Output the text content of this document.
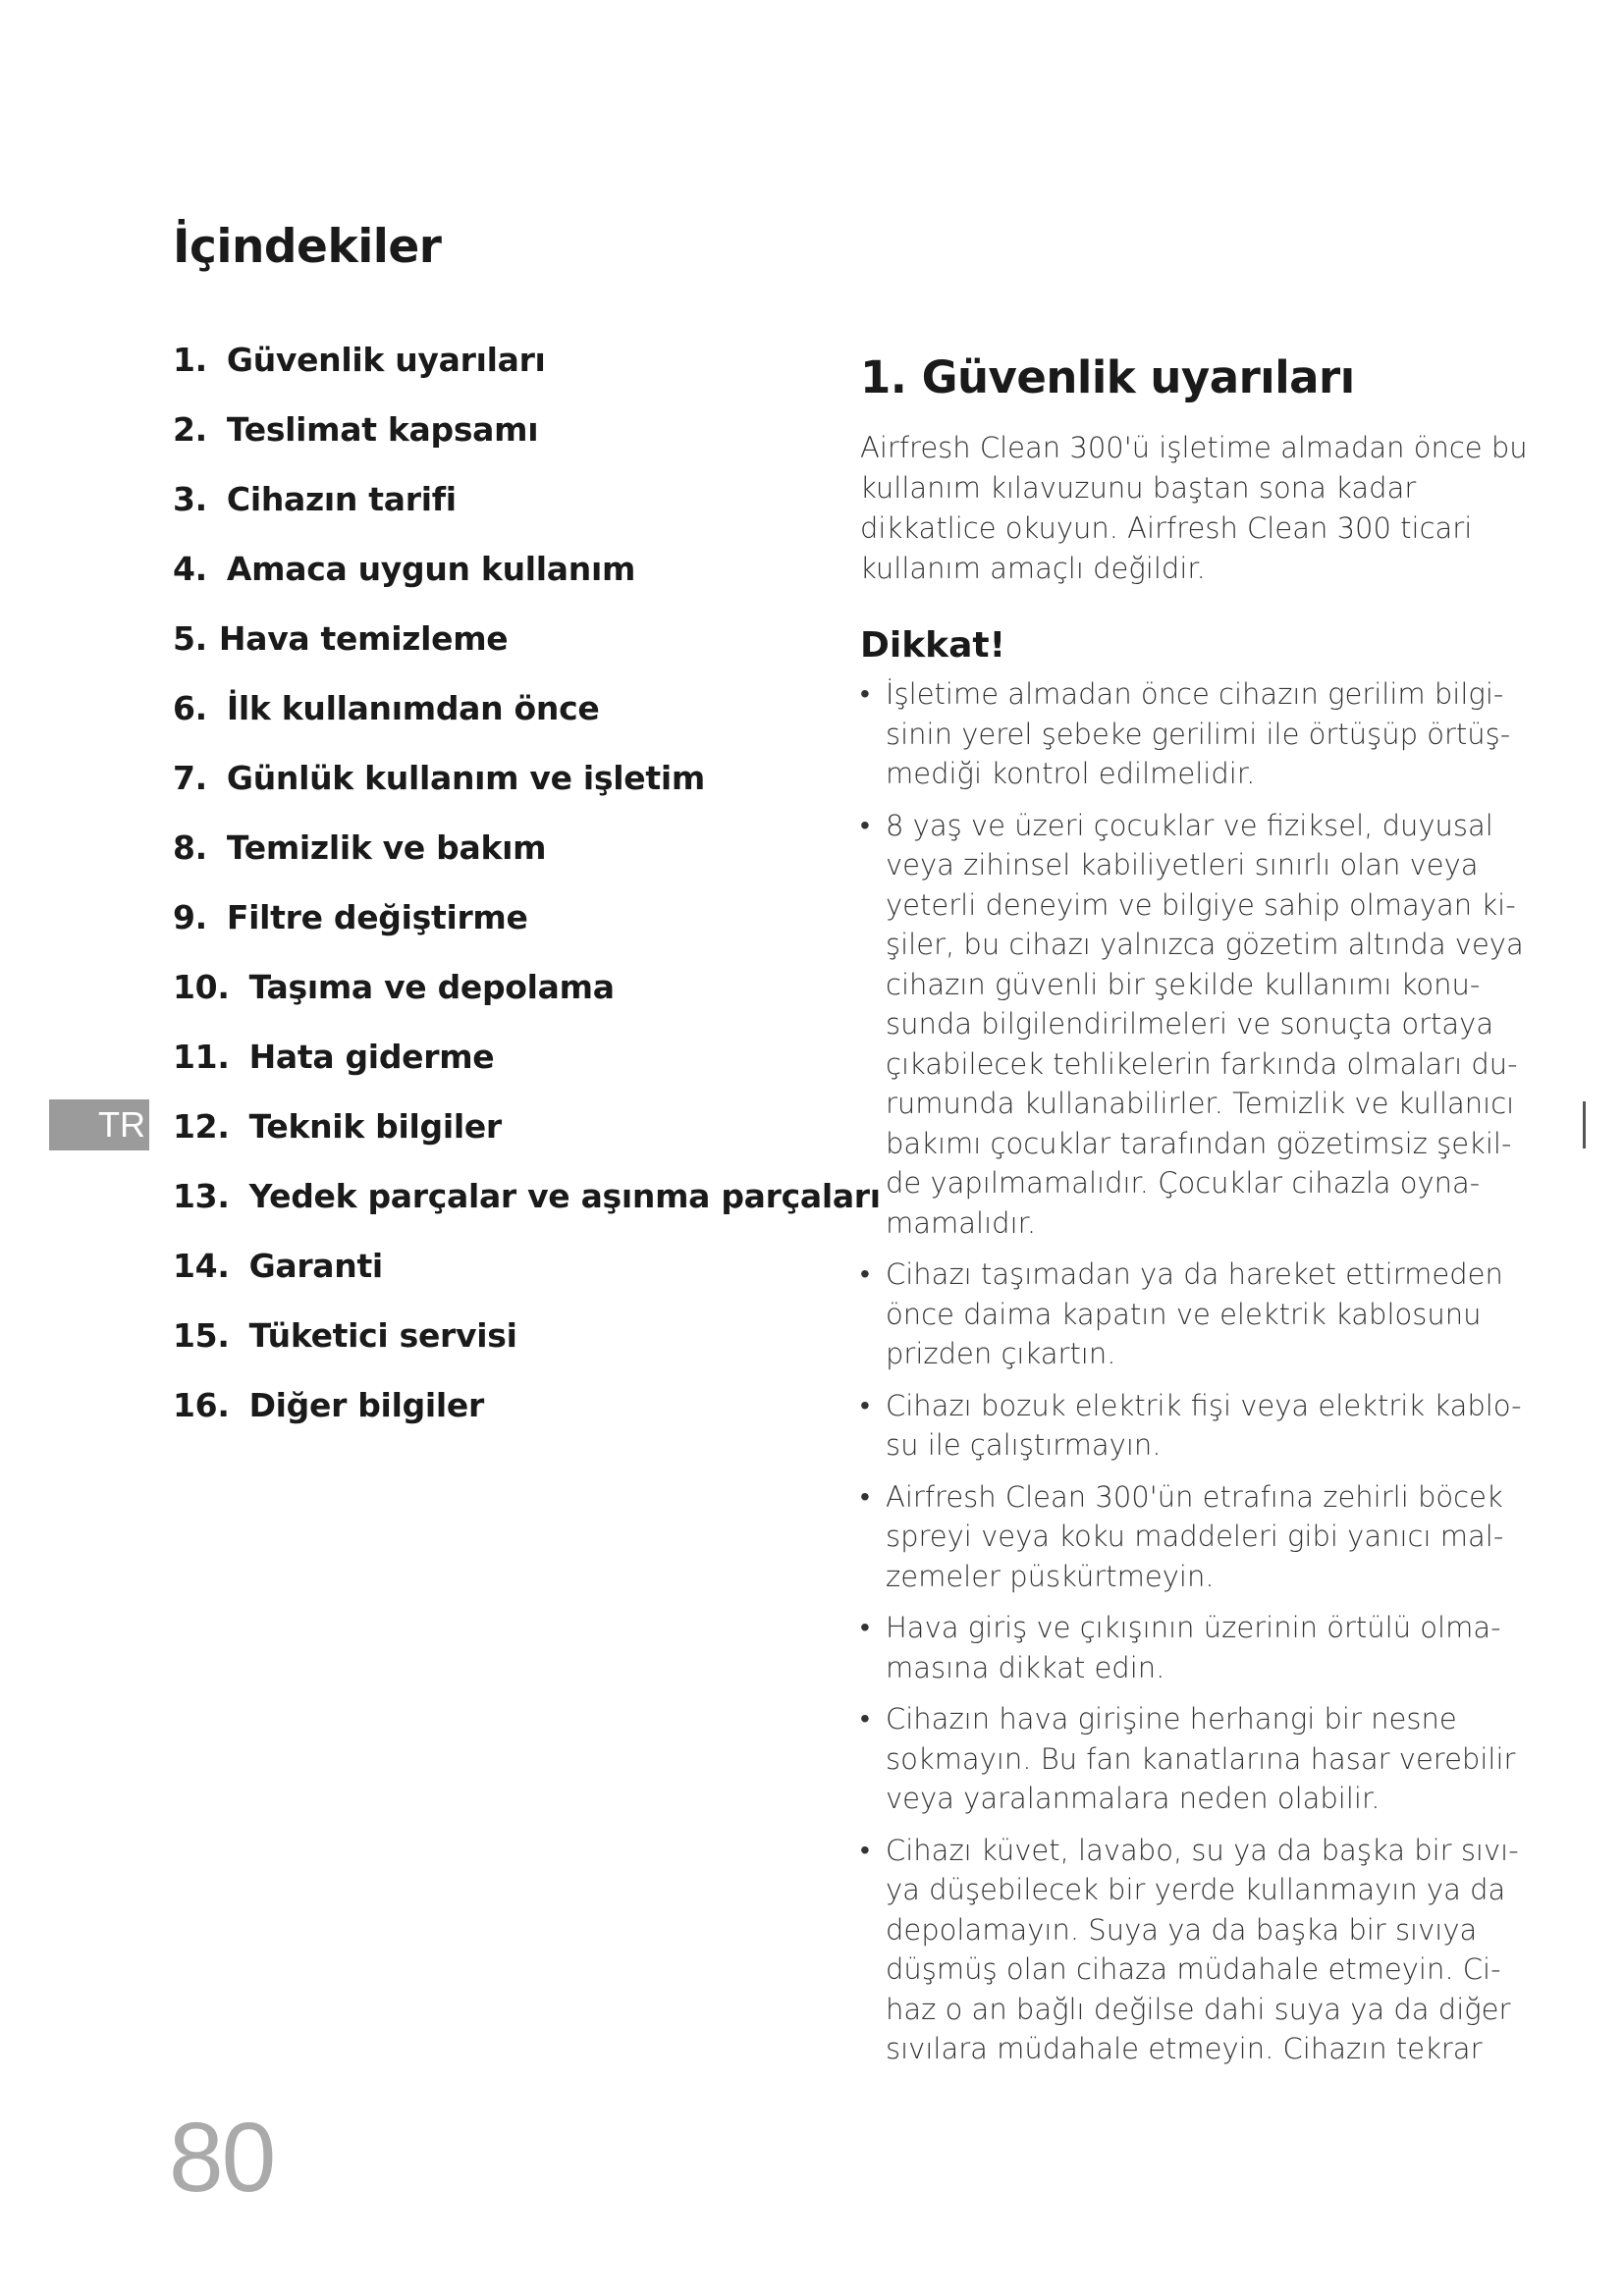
İçindekiler
1. Güvenlik uyarıları
2. Teslimat kapsamı
3. Cihazın tarifi
4. Amaca uygun kullanım
5. Hava temizleme
6. İlk kullanımdan önce
7. Günlük kullanım ve işletim
8. Temizlik ve bakım
9. Filtre değiştirme
10. Taşıma ve depolama
11. Hata giderme
12. Teknik bilgiler
13. Yedek parçalar ve aşınma parçaları
14. Garanti
15. Tüketici servisi
16. Diğer bilgiler
TR
80
1. Güvenlik uyarıları

Airfresh Clean 300'ü işletime almadan önce bu kullanım kılavuzunu baştan sona kadar dikkatlice okuyun. Airfresh Clean 300 ticari kullanım amaçlı değildir.

Dikkat!
• İşletime almadan önce cihazın gerilim bilgi-sinin yerel şebeke gerilimi ile örtüşüp örtüş-mediği kontrol edilmelidir.
• 8 yaş ve üzeri çocuklar ve fiziksel, duyusal veya zihinsel kabiliyetleri sınırlı olan veya yeterli deneyim ve bilgiye sahip olmayan ki-şiler, bu cihazı yalnızca gözetim altında veya cihazın güvenli bir şekilde kullanımı konu-sunda bilgilendirilmeleri ve sonuçta ortaya çıkabilecek tehlikelerin farkında olmaları du-rumunda kullanabilirler. Temizlik ve kullanıcı bakımı çocuklar tarafından gözetimsiz şekil-de yapılmamalıdır. Çocuklar cihazla oyna-mamalıdır.
• Cihazı taşımadan ya da hareket ettirmeden önce daima kapatın ve elektrik kablosunu prizden çıkartın.
• Cihazı bozuk elektrik fişi veya elektrik kablo-su ile çalıştırmayın.
• Airfresh Clean 300'ün etrafına zehirli böcek spreyi veya koku maddeleri gibi yanıcı mal-zemeler püskürtmeyin.
• Hava giriş ve çıkışının üzerinin örtülü olma-masına dikkat edin.
• Cihazın hava girişine herhangi bir nesne sokmayın. Bu fan kanatlarına hasar verebilir veya yaralanmalara neden olabilir.
• Cihazı küvet, lavabo, su ya da başka bir sıvı-ya düşebilecek bir yerde kullanmayın ya da depolamayın. Suya ya da başka bir sıvıya düşmüş olan cihaza müdahale etmeyin. Ci-haz o an bağlı değilse dahi suya ya da diğer sıvılara müdahale etmeyin. Cihazın tekrar
